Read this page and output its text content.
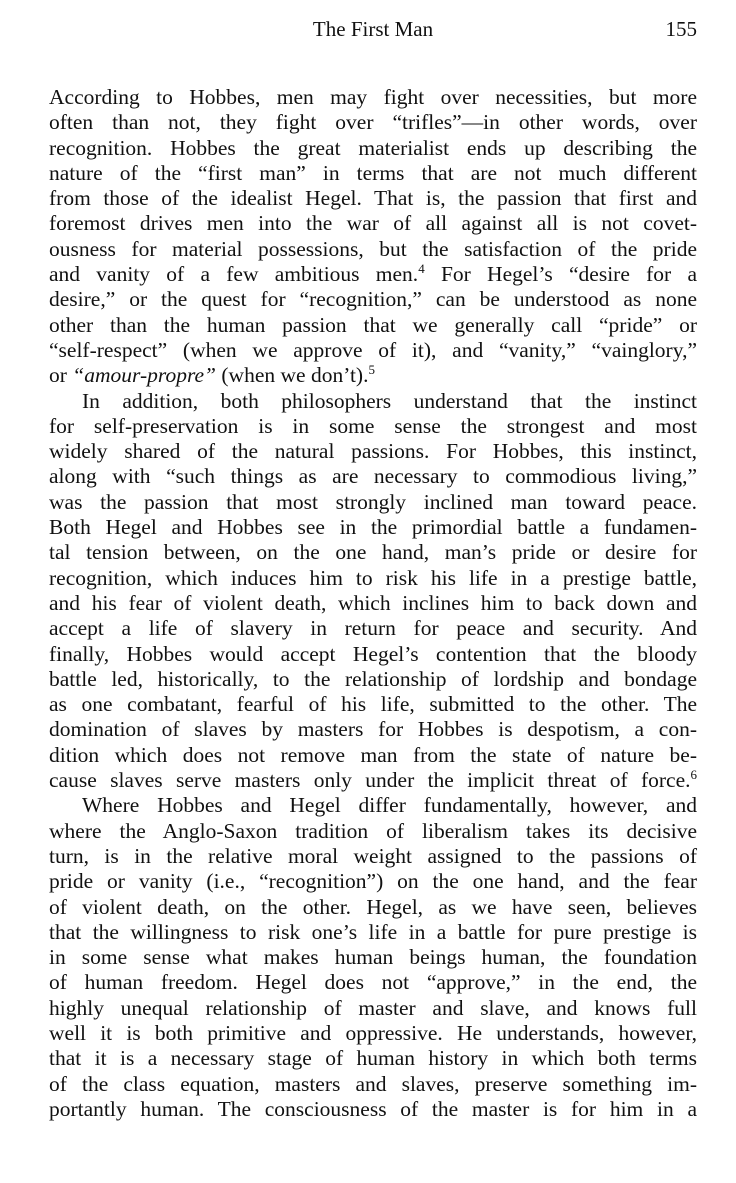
The First Man	155
According to Hobbes, men may fight over necessities, but more
often than not, they fight over “trifles”—in other words, over
recognition. Hobbes the great materialist ends up describing the
nature of the “first man” in terms that are not much different
from those of the idealist Hegel. That is, the passion that first and
foremost drives men into the war of all against all is not covet-
ousness for material possessions, but the satisfaction of the pride
and vanity of a few ambitious men.$^4$ For Hegel’s “desire for a
desire,” or the quest for “recognition,” can be understood as none
other than the human passion that we generally call “pride” or
“self-respect” (when we approve of it), and “vanity,” “vainglory,”
or “amour-propre” (when we don’t).$^5$
In addition, both philosophers understand that the instinct
for self-preservation is in some sense the strongest and most
widely shared of the natural passions. For Hobbes, this instinct,
along with “such things as are necessary to commodious living,”
was the passion that most strongly inclined man toward peace.
Both Hegel and Hobbes see in the primordial battle a fundamen-
tal tension between, on the one hand, man’s pride or desire for
recognition, which induces him to risk his life in a prestige battle,
and his fear of violent death, which inclines him to back down and
accept a life of slavery in return for peace and security. And
finally, Hobbes would accept Hegel’s contention that the bloody
battle led, historically, to the relationship of lordship and bondage
as one combatant, fearful of his life, submitted to the other. The
domination of slaves by masters for Hobbes is despotism, a con-
dition which does not remove man from the state of nature be-
cause slaves serve masters only under the implicit threat of force.$^6$
Where Hobbes and Hegel differ fundamentally, however, and
where the Anglo-Saxon tradition of liberalism takes its decisive
turn, is in the relative moral weight assigned to the passions of
pride or vanity (i.e., “recognition”) on the one hand, and the fear
of violent death, on the other. Hegel, as we have seen, believes
that the willingness to risk one’s life in a battle for pure prestige is
in some sense what makes human beings human, the foundation
of human freedom. Hegel does not “approve,” in the end, the
highly unequal relationship of master and slave, and knows full
well it is both primitive and oppressive. He understands, however,
that it is a necessary stage of human history in which both terms
of the class equation, masters and slaves, preserve something im-
portantly human. The consciousness of the master is for him in a
